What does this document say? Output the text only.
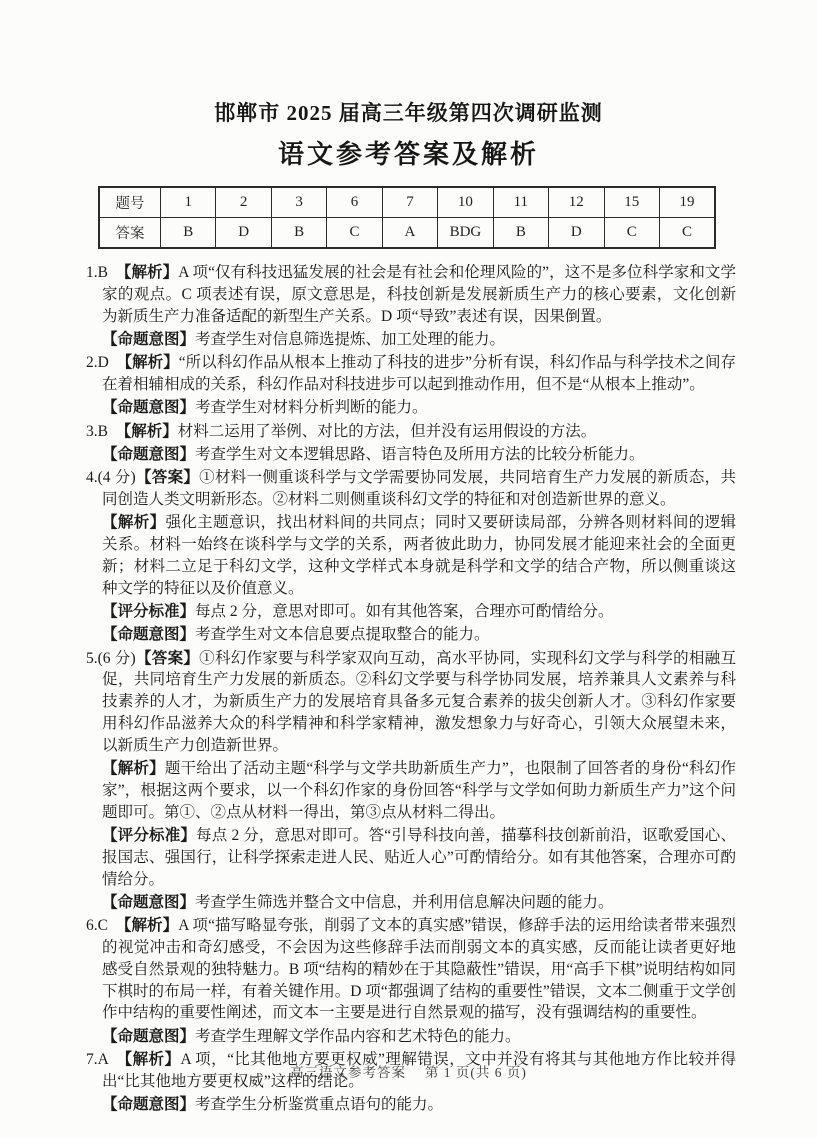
邯郸市 2025 届高三年级第四次调研监测
语文参考答案及解析
题号	1	2	3	6	7	10	11	12	15	19
答案	B	D	B	C	A	BDG	B	D	C	C
1.B　【解析】A 项“仅有科技迅猛发展的社会是有社会和伦理风险的”，这不是多位科学家和文学家的观点。C 项表述有误，原文意思是，科技创新是发展新质生产力的核心要素，文化创新为新质生产力准备适配的新型生产关系。D 项“导致”表述有误，因果倒置。
【命题意图】考查学生对信息筛选提炼、加工处理的能力。
2.D　【解析】“所以科幻作品从根本上推动了科技的进步”分析有误，科幻作品与科学技术之间存在着相辅相成的关系，科幻作品对科技进步可以起到推动作用，但不是“从根本上推动”。
【命题意图】考查学生对材料分析判断的能力。
3.B　【解析】材料二运用了举例、对比的方法，但并没有运用假设的方法。
【命题意图】考查学生对文本逻辑思路、语言特色及所用方法的比较分析能力。
4.(4 分)【答案】①材料一侧重谈科学与文学需要协同发展，共同培育生产力发展的新质态，共同创造人类文明新形态。②材料二则侧重谈科幻文学的特征和对创造新世界的意义。
【解析】强化主题意识，找出材料间的共同点；同时又要研读局部，分辨各则材料间的逻辑关系。材料一始终在谈科学与文学的关系，两者彼此助力，协同发展才能迎来社会的全面更新；材料二立足于科幻文学，这种文学样式本身就是科学和文学的结合产物，所以侧重谈这种文学的特征以及价值意义。
【评分标准】每点 2 分，意思对即可。如有其他答案，合理亦可酌情给分。
【命题意图】考查学生对文本信息要点提取整合的能力。
5.(6 分)【答案】①科幻作家要与科学家双向互动，高水平协同，实现科幻文学与科学的相融互促，共同培育生产力发展的新质态。②科幻文学要与科学协同发展，培养兼具人文素养与科技素养的人才，为新质生产力的发展培育具备多元复合素养的拔尖创新人才。③科幻作家要用科幻作品滋养大众的科学精神和科学家精神，激发想象力与好奇心，引领大众展望未来，以新质生产力创造新世界。
【解析】题干给出了活动主题“科学与文学共助新质生产力”，也限制了回答者的身份“科幻作家”，根据这两个要求，以一个科幻作家的身份回答“科学与文学如何助力新质生产力”这个问题即可。第①、②点从材料一得出，第③点从材料二得出。
【评分标准】每点 2 分，意思对即可。答“引导科技向善，描摹科技创新前沿，讴歌爱国心、报国志、强国行，让科学探索走进人民、贴近人心”可酌情给分。如有其他答案，合理亦可酌情给分。
【命题意图】考查学生筛选并整合文中信息，并利用信息解决问题的能力。
6.C　【解析】A 项“描写略显夸张，削弱了文本的真实感”错误，修辞手法的运用给读者带来强烈的视觉冲击和奇幻感受，不会因为这些修辞手法而削弱文本的真实感，反而能让读者更好地感受自然景观的独特魅力。B 项“结构的精妙在于其隐蔽性”错误，用“高手下棋”说明结构如同下棋时的布局一样，有着关键作用。D 项“都强调了结构的重要性”错误，文本二侧重于文学创作中结构的重要性阐述，而文本一主要是进行自然景观的描写，没有强调结构的重要性。
【命题意图】考查学生理解文学作品内容和艺术特色的能力。
7.A　【解析】A 项，“比其他地方要更权威”理解错误，文中并没有将其与其他地方作比较并得出“比其他地方要更权威”这样的结论。
【命题意图】考查学生分析鉴赏重点语句的能力。
高三语文参考答案　 第 1 页(共 6 页)
